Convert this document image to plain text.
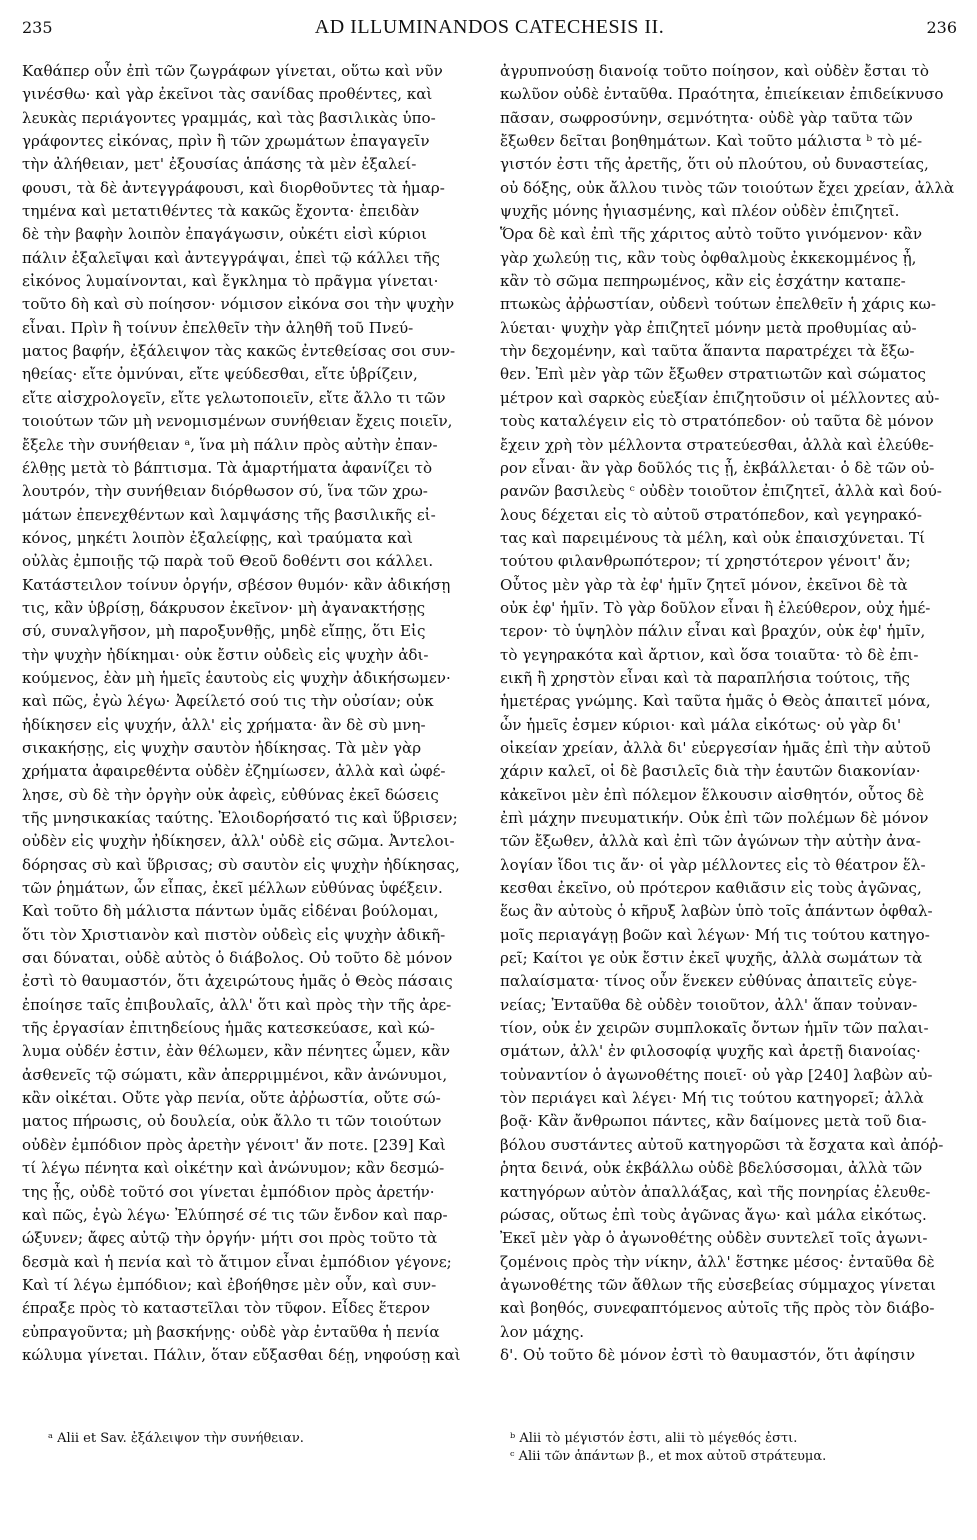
235	AD ILLUMINANDOS CATECHESIS II.	236
Καθάπερ οὖν ἐπὶ τῶν ζωγράφων γίνεται, οὕτω καὶ νῦν
γινέσθω· καὶ γὰρ ἐκεῖνοι τὰς σανίδας προθέντες, καὶ
λευκὰς περιάγοντες γραμμάς, καὶ τὰς βασιλικὰς ὑπο-
γράφοντες εἰκόνας, πρὶν ἢ τῶν χρωμάτων ἐπαγαγεῖν
τὴν ἀλήθειαν, μετ' ἐξουσίας ἁπάσης τὰ μὲν ἐξαλεί-
φουσι, τὰ δὲ ἀντεγγράφουσι, καὶ διορθοῦντες τὰ ἡμαρ-
τημένα καὶ μετατιθέντες τὰ κακῶς ἔχοντα· ἐπειδὰν
δὲ τὴν βαφὴν λοιπὸν ἐπαγάγωσιν, οὐκέτι εἰσὶ κύριοι
πάλιν ἐξαλεῖψαι καὶ ἀντεγγράψαι, ἐπεὶ τῷ κάλλει τῆς
εἰκόνος λυμαίνονται, καὶ ἔγκλημα τὸ πρᾶγμα γίνεται·
τοῦτο δὴ καὶ σὺ ποίησον· νόμισον εἰκόνα σοι τὴν ψυχὴν
εἶναι. Πρὶν ἢ τοίνυν ἐπελθεῖν τὴν ἀληθῆ τοῦ Πνεύ-
ματος βαφήν, ἐξάλειψον τὰς κακῶς ἐντεθείσας σοι συν-
ηθείας· εἴτε ὀμνύναι, εἴτε ψεύδεσθαι, εἴτε ὑβρίζειν,
εἴτε αἰσχρολογεῖν, εἴτε γελωτοποιεῖν, εἴτε ἄλλο τι τῶν
τοιούτων τῶν μὴ νενομισμένων συνήθειαν ἔχεις ποιεῖν,
ἔξελε τὴν συνήθειαν ᵃ, ἵνα μὴ πάλιν πρὸς αὐτὴν ἐπαν-
έλθῃς μετὰ τὸ βάπτισμα. Τὰ ἁμαρτήματα ἀφανίζει τὸ
λουτρόν, τὴν συνήθειαν διόρθωσον σύ, ἵνα τῶν χρω-
μάτων ἐπενεχθέντων καὶ λαμψάσης τῆς βασιλικῆς εἰ-
κόνος, μηκέτι λοιπὸν ἐξαλείφῃς, καὶ τραύματα καὶ
οὐλὰς ἐμποιῇς τῷ παρὰ τοῦ Θεοῦ δοθέντι σοι κάλλει.
Κατάστειλον τοίνυν ὀργήν, σβέσον θυμόν· κἂν ἀδικήσῃ
τις, κἂν ὑβρίσῃ, δάκρυσον ἐκεῖνον· μὴ ἀγανακτήσῃς
σύ, συναλγῆσον, μὴ παροξυνθῇς, μηδὲ εἴπῃς, ὅτι Εἰς
τὴν ψυχὴν ἠδίκημαι· οὐκ ἔστιν οὐδεὶς εἰς ψυχὴν ἀδι-
κούμενος, ἐὰν μὴ ἡμεῖς ἑαυτοὺς εἰς ψυχὴν ἀδικήσωμεν·
καὶ πῶς, ἐγὼ λέγω· Ἀφείλετό σού τις τὴν οὐσίαν; οὐκ
ἠδίκησεν εἰς ψυχήν, ἀλλ' εἰς χρήματα· ἂν δὲ σὺ μνη-
σικακήσῃς, εἰς ψυχὴν σαυτὸν ἠδίκησας. Τὰ μὲν γὰρ
χρήματα ἀφαιρεθέντα οὐδὲν ἐζημίωσεν, ἀλλὰ καὶ ὠφέ-
λησε, σὺ δὲ τὴν ὀργὴν οὐκ ἀφεὶς, εὐθύνας ἐκεῖ δώσεις
τῆς μνησικακίας ταύτης. Ἐλοιδορήσατό τις καὶ ὕβρισεν;
οὐδὲν εἰς ψυχὴν ἠδίκησεν, ἀλλ' οὐδὲ εἰς σῶμα. Ἀντελοι-
δόρησας σὺ καὶ ὕβρισας; σὺ σαυτὸν εἰς ψυχὴν ἠδίκησας,
τῶν ῥημάτων, ὧν εἶπας, ἐκεῖ μέλλων εὐθύνας ὑφέξειν.
Καὶ τοῦτο δὴ μάλιστα πάντων ὑμᾶς εἰδέναι βούλομαι,
ὅτι τὸν Χριστιανὸν καὶ πιστὸν οὐδεὶς εἰς ψυχὴν ἀδικῆ-
σαι δύναται, οὐδὲ αὐτὸς ὁ διάβολος. Οὐ τοῦτο δὲ μόνον
ἐστὶ τὸ θαυμαστόν, ὅτι ἀχειρώτους ἡμᾶς ὁ Θεὸς πάσαις
ἐποίησε ταῖς ἐπιβουλαῖς, ἀλλ' ὅτι καὶ πρὸς τὴν τῆς ἀρε-
τῆς ἐργασίαν ἐπιτηδείους ἡμᾶς κατεσκεύασε, καὶ κώ-
λυμα οὐδέν ἐστιν, ἐὰν θέλωμεν, κἂν πένητες ὦμεν, κἂν
ἀσθενεῖς τῷ σώματι, κἂν ἀπερριμμένοι, κἂν ἀνώνυμοι,
κἂν οἰκέται. Οὔτε γὰρ πενία, οὔτε ἀῤῥωστία, οὔτε σώ-
ματος πήρωσις, οὐ δουλεία, οὐκ ἄλλο τι τῶν τοιούτων
οὐδὲν ἐμπόδιον πρὸς ἀρετὴν γένοιτ' ἄν ποτε. [239] Καὶ
τί λέγω πένητα καὶ οἰκέτην καὶ ἀνώνυμον; κἂν δεσμώ-
της ᾖς, οὐδὲ τοῦτό σοι γίνεται ἐμπόδιον πρὸς ἀρετήν·
καὶ πῶς, ἐγὼ λέγω· Ἐλύπησέ σέ τις τῶν ἔνδον καὶ παρ-
ώξυνεν; ἄφες αὐτῷ τὴν ὀργήν· μήτι σοι πρὸς τοῦτο τὰ
δεσμὰ καὶ ἡ πενία καὶ τὸ ἄτιμον εἶναι ἐμπόδιον γέγονε;
Καὶ τί λέγω ἐμπόδιον; καὶ ἐβοήθησε μὲν οὖν, καὶ συν-
έπραξε πρὸς τὸ καταστεῖλαι τὸν τῦφον. Εἶδες ἕτερον
εὐπραγοῦντα; μὴ βασκήνῃς· οὐδὲ γὰρ ἐνταῦθα ἡ πενία
κώλυμα γίνεται. Πάλιν, ὅταν εὔξασθαι δέῃ, νηφούσῃ καὶ
ἀγρυπνούσῃ διανοίᾳ τοῦτο ποίησον, καὶ οὐδὲν ἔσται τὸ
κωλῦον οὐδὲ ἐνταῦθα. Πραότητα, ἐπιείκειαν ἐπιδείκνυσο
πᾶσαν, σωφροσύνην, σεμνότητα· οὐδὲ γὰρ ταῦτα τῶν
ἔξωθεν δεῖται βοηθημάτων. Καὶ τοῦτο μάλιστα ᵇ τὸ μέ-
γιστόν ἐστι τῆς ἀρετῆς, ὅτι οὐ πλούτου, οὐ δυναστείας,
οὐ δόξης, οὐκ ἄλλου τινὸς τῶν τοιούτων ἔχει χρείαν, ἀλλὰ
ψυχῆς μόνης ἡγιασμένης, καὶ πλέον οὐδὲν ἐπιζητεῖ.
Ὅρα δὲ καὶ ἐπὶ τῆς χάριτος αὐτὸ τοῦτο γινόμενον· κἂν
γὰρ χωλεύῃ τις, κἂν τοὺς ὀφθαλμοὺς ἐκκεκομμένος ᾖ,
κἂν τὸ σῶμα πεπηρωμένος, κἂν εἰς ἐσχάτην καταπε-
πτωκὼς ἀῤῥωστίαν, οὐδενὶ τούτων ἐπελθεῖν ἡ χάρις κω-
λύεται· ψυχὴν γὰρ ἐπιζητεῖ μόνην μετὰ προθυμίας αὐ-
τὴν δεχομένην, καὶ ταῦτα ἅπαντα παρατρέχει τὰ ἔξω-
θεν. Ἐπὶ μὲν γὰρ τῶν ἔξωθεν στρατιωτῶν καὶ σώματος
μέτρον καὶ σαρκὸς εὐεξίαν ἐπιζητοῦσιν οἱ μέλλοντες αὐ-
τοὺς καταλέγειν εἰς τὸ στρατόπεδον· οὐ ταῦτα δὲ μόνον
ἔχειν χρὴ τὸν μέλλοντα στρατεύεσθαι, ἀλλὰ καὶ ἐλεύθε-
ρον εἶναι· ἂν γὰρ δοῦλός τις ᾖ, ἐκβάλλεται· ὁ δὲ τῶν οὐ-
ρανῶν βασιλεὺς ᶜ οὐδὲν τοιοῦτον ἐπιζητεῖ, ἀλλὰ καὶ δού-
λους δέχεται εἰς τὸ αὐτοῦ στρατόπεδον, καὶ γεγηρακό-
τας καὶ παρειμένους τὰ μέλη, καὶ οὐκ ἐπαισχύνεται. Τί
τούτου φιλανθρωπότερον; τί χρηστότερον γένοιτ' ἄν;
Οὗτος μὲν γὰρ τὰ ἐφ' ἡμῖν ζητεῖ μόνον, ἐκεῖνοι δὲ τὰ
οὐκ ἐφ' ἡμῖν. Τὸ γὰρ δοῦλον εἶναι ἢ ἐλεύθερον, οὐχ ἡμέ-
τερον· τὸ ὑψηλὸν πάλιν εἶναι καὶ βραχύν, οὐκ ἐφ' ἡμῖν,
τὸ γεγηρακότα καὶ ἄρτιον, καὶ ὅσα τοιαῦτα· τὸ δὲ ἐπι-
εικῆ ἢ χρηστὸν εἶναι καὶ τὰ παραπλήσια τούτοις, τῆς
ἡμετέρας γνώμης. Καὶ ταῦτα ἡμᾶς ὁ Θεὸς ἀπαιτεῖ μόνα,
ὧν ἡμεῖς ἐσμεν κύριοι· καὶ μάλα εἰκότως· οὐ γὰρ δι'
οἰκείαν χρείαν, ἀλλὰ δι' εὐεργεσίαν ἡμᾶς ἐπὶ τὴν αὐτοῦ
χάριν καλεῖ, οἱ δὲ βασιλεῖς διὰ τὴν ἑαυτῶν διακονίαν·
κἀκεῖνοι μὲν ἐπὶ πόλεμον ἕλκουσιν αἰσθητόν, οὗτος δὲ
ἐπὶ μάχην πνευματικήν. Οὐκ ἐπὶ τῶν πολέμων δὲ μόνον
τῶν ἔξωθεν, ἀλλὰ καὶ ἐπὶ τῶν ἀγώνων τὴν αὐτὴν ἀνα-
λογίαν ἴδοι τις ἄν· οἱ γὰρ μέλλοντες εἰς τὸ θέατρον ἕλ-
κεσθαι ἐκεῖνο, οὐ πρότερον καθιᾶσιν εἰς τοὺς ἀγῶνας,
ἕως ἂν αὐτοὺς ὁ κῆρυξ λαβὼν ὑπὸ τοῖς ἁπάντων ὀφθαλ-
μοῖς περιαγάγῃ βοῶν καὶ λέγων· Μή τις τούτου κατηγο-
ρεῖ; Καίτοι γε οὐκ ἔστιν ἐκεῖ ψυχῆς, ἀλλὰ σωμάτων τὰ
παλαίσματα· τίνος οὖν ἕνεκεν εὐθύνας ἀπαιτεῖς εὐγε-
νείας; Ἐνταῦθα δὲ οὐδὲν τοιοῦτον, ἀλλ' ἅπαν τοὐναν-
τίον, οὐκ ἐν χειρῶν συμπλοκαῖς ὄντων ἡμῖν τῶν παλαι-
σμάτων, ἀλλ' ἐν φιλοσοφίᾳ ψυχῆς καὶ ἀρετῇ διανοίας·
τοὐναντίον ὁ ἀγωνοθέτης ποιεῖ· οὐ γὰρ [240] λαβὼν αὐ-
τὸν περιάγει καὶ λέγει· Μή τις τούτου κατηγορεῖ; ἀλλὰ
βοᾷ· Κἂν ἄνθρωποι πάντες, κἂν δαίμονες μετὰ τοῦ δια-
βόλου συστάντες αὐτοῦ κατηγορῶσι τὰ ἔσχατα καὶ ἀπόῤ-
ῥητα δεινά, οὐκ ἐκβάλλω οὐδὲ βδελύσσομαι, ἀλλὰ τῶν
κατηγόρων αὐτὸν ἀπαλλάξας, καὶ τῆς πονηρίας ἐλευθε-
ρώσας, οὕτως ἐπὶ τοὺς ἀγῶνας ἄγω· καὶ μάλα εἰκότως.
Ἐκεῖ μὲν γὰρ ὁ ἀγωνοθέτης οὐδὲν συντελεῖ τοῖς ἀγωνι-
ζομένοις πρὸς τὴν νίκην, ἀλλ' ἕστηκε μέσος· ἐνταῦθα δὲ
ἀγωνοθέτης τῶν ἄθλων τῆς εὐσεβείας σύμμαχος γίνεται
καὶ βοηθός, συνεφαπτόμενος αὐτοῖς τῆς πρὸς τὸν διάβο-
λον μάχης.
δ'. Οὐ τοῦτο δὲ μόνον ἐστὶ τὸ θαυμαστόν, ὅτι ἀφίησιν
ᵃ Alii et Sav. ἐξάλειψον τὴν συνήθειαν.	ᵇ Alii τὸ μέγιστόν ἐστι, alii τὸ μέγεθός ἐστι.
ᶜ Alii τῶν ἁπάντων β., et mox αὐτοῦ στράτευμα.
